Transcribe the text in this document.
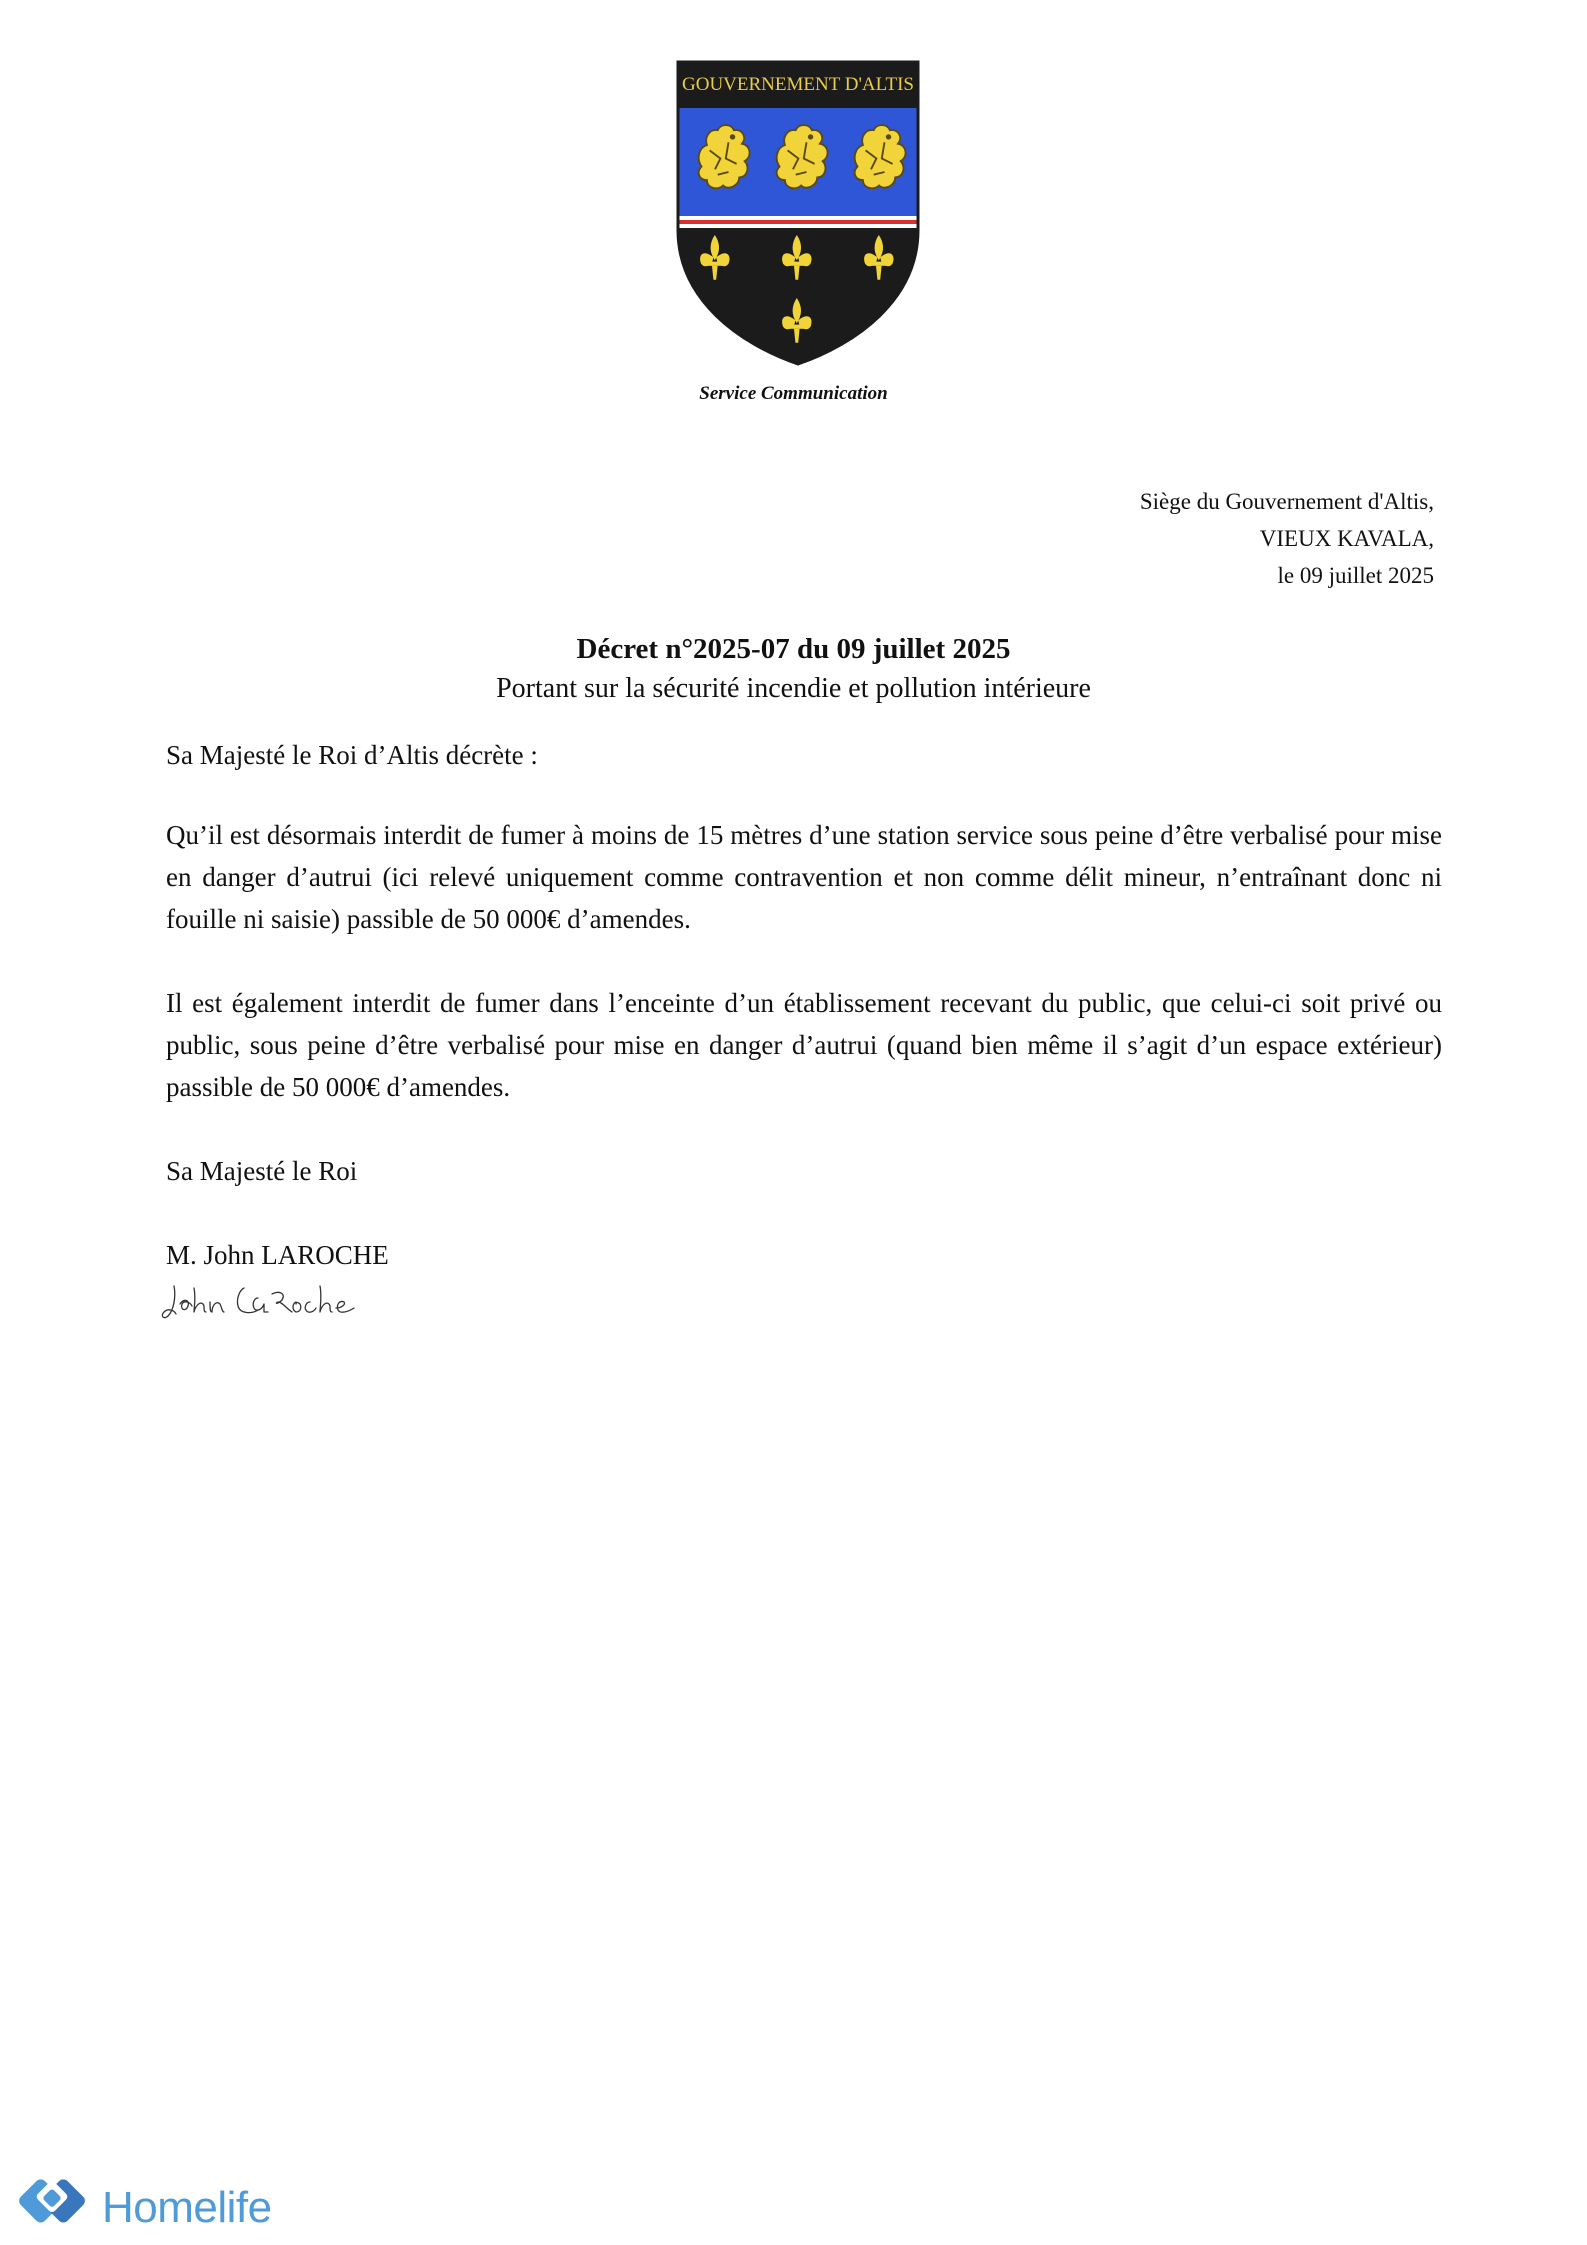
GOUVERNEMENT D'ALTIS
Service Communication
Siège du Gouvernement d'Altis,
VIEUX KAVALA,
le 09 juillet 2025
Décret n°2025-07 du 09 juillet 2025
Portant sur la sécurité incendie et pollution intérieure
Sa Majesté le Roi d’Altis décrète :
Qu’il est désormais interdit de fumer à moins de 15 mètres d’une station service sous peine d’être verbalisé pour mise en danger d’autrui (ici relevé uniquement comme contravention et non comme délit mineur, n’entraînant donc ni fouille ni saisie) passible de 50 000€ d’amendes.
Il est également interdit de fumer dans l’enceinte d’un établissement recevant du public, que celui-ci soit privé ou public, sous peine d’être verbalisé pour mise en danger d’autrui (quand bien même il s’agit d’un espace extérieur) passible de 50 000€ d’amendes.
Sa Majesté le Roi
M. John LAROCHE
Homelife
